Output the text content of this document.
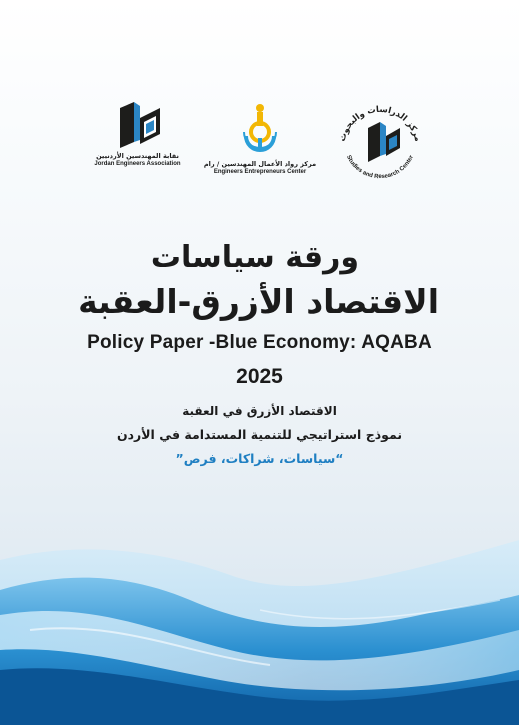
نقابة المهندسين الأردنيين
Jordan Engineers Association	مركز رواد الأعمال المهندسين / رام
Engineers Entrepreneurs Center
مركز الدراسات والبحوث
Studies and Research Center
ورقة سياسات
الاقتصاد الأزرق-العقبة
Policy Paper -Blue Economy: AQABA
2025
الاقتصاد الأزرق في العقبة
نموذج استراتيجي للتنمية المستدامة في الأردن
“سياسات، شراكات، فرص”
